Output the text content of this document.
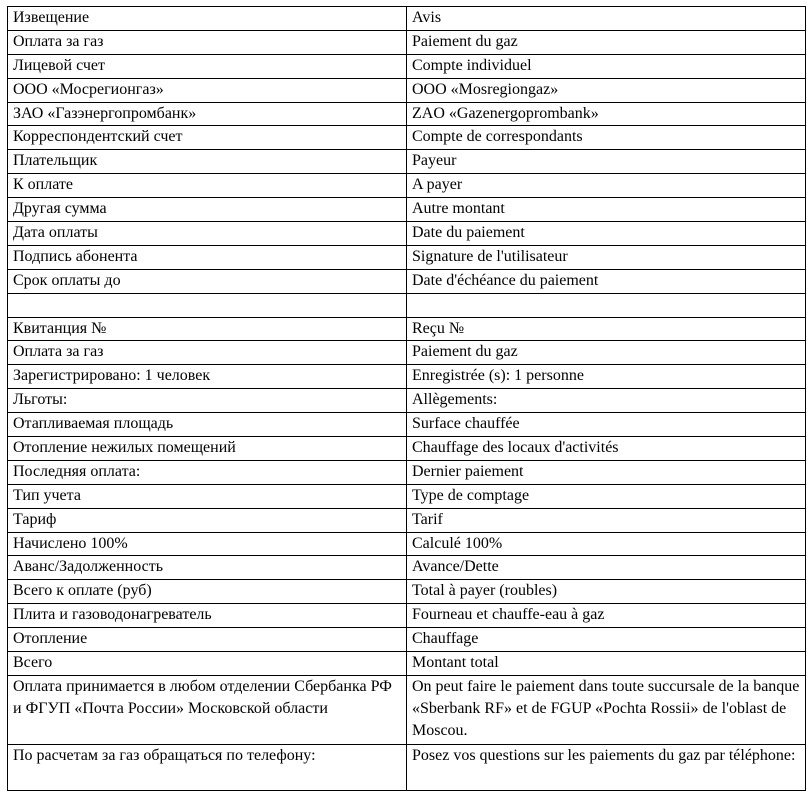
Извещение	Avis
Оплата за газ	Paiement du gaz
Лицевой счет	Compte individuel
ООО «Мосрегионгаз»	OOO «Mosregiongaz»
ЗАО «Газэнергопромбанк»	ZAO «Gazenergoprombank»
Корреспондентский счет	Compte de correspondants
Плательщик	Payeur
К оплате	A payer
Другая сумма	Autre montant
Дата оплаты	Date du paiement
Подпись абонента	Signature de l'utilisateur
Срок оплаты до	Date d'échéance du paiement

Квитанция №	Reçu №
Оплата за газ	Paiement du gaz
Зарегистрировано: 1 человек	Enregistrée (s): 1 personne
Льготы:	Allègements:
Отапливаемая площадь	Surface chauffée
Отопление нежилых помещений	Chauffage des locaux d'activités
Последняя оплата:	Dernier paiement
Тип учета	Type de comptage
Тариф	Tarif
Начислено 100%	Calculé 100%
Аванс/Задолженность	Avance/Dette
Всего к оплате (руб)	Total à payer (roubles)
Плита и газоводонагреватель	Fourneau et chauffe-eau à gaz
Отопление	Chauffage
Всего	Montant total
Оплата принимается в любом отделении Сбербанка РФ и ФГУП «Почта России» Московской области	On peut faire le paiement dans toute succursale de la banque «Sberbank RF» et de FGUP «Pochta Rossii» de l'oblast de Moscou.
По расчетам за газ обращаться по телефону:	Posez vos questions sur les paiements du gaz par téléphone:
